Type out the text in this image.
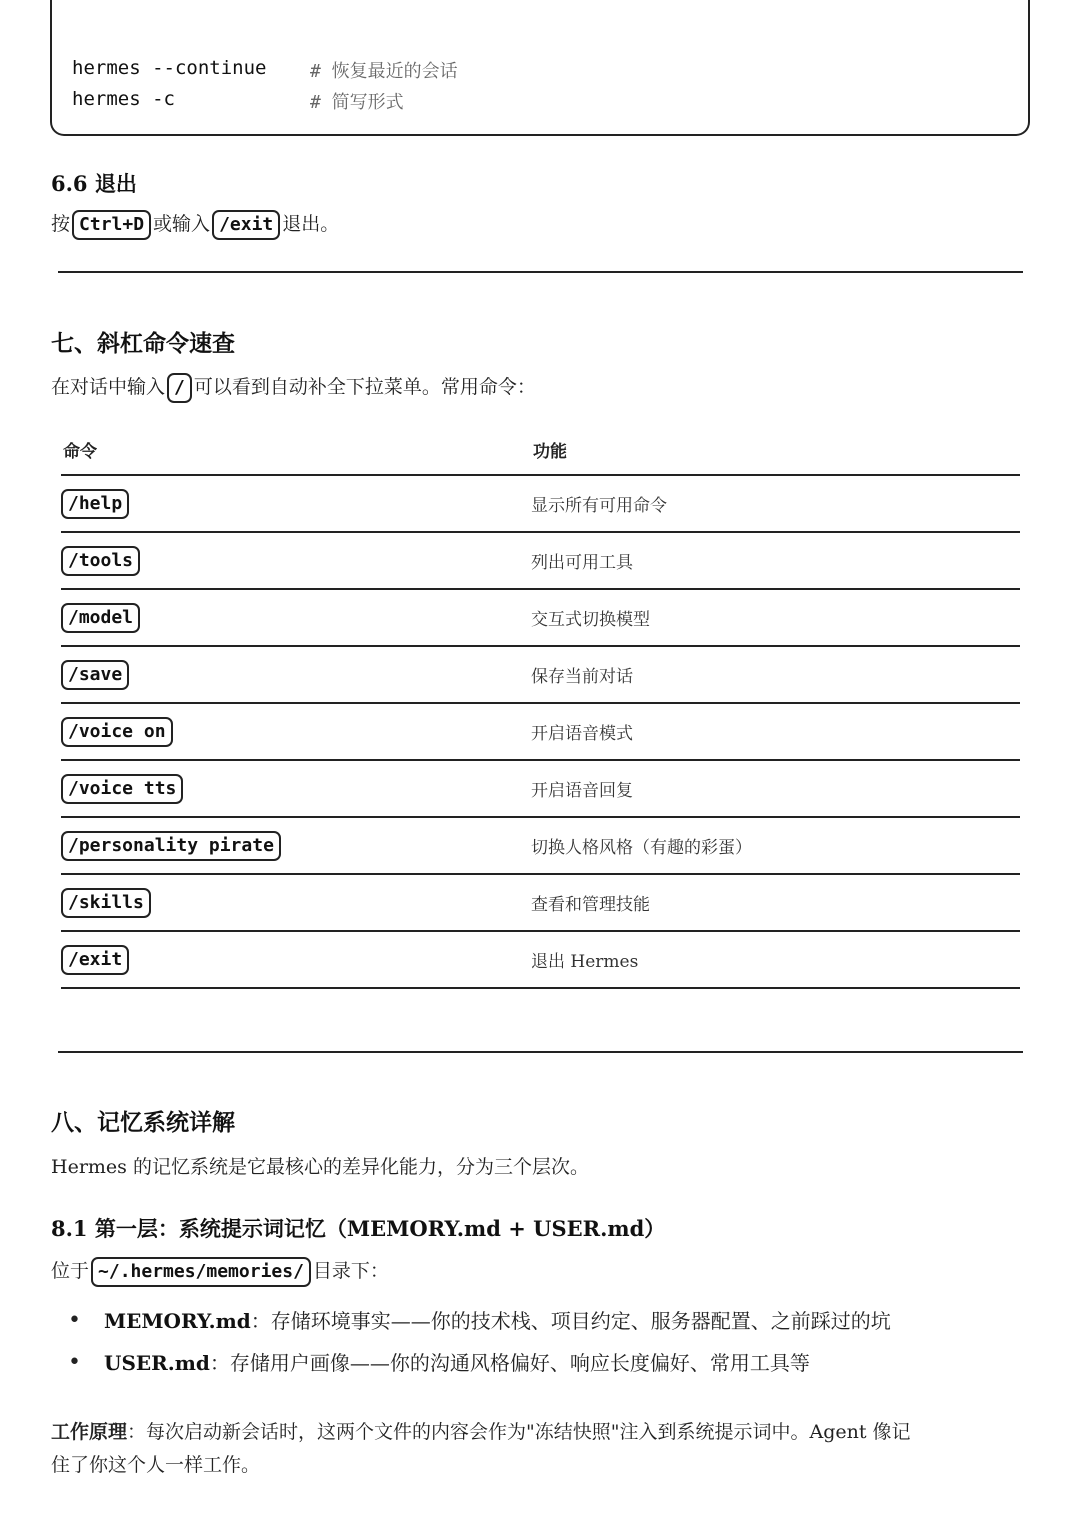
hermes --continue # 恢复最近的会话
hermes -c	# 简写形式
6.6 退出
按 Ctrl+D 或输入 /exit 退出。
七、斜杠命令速查
在对话中输入 / 可以看到自动补全下拉菜单。常用命令：
命令	功能
/help	显示所有可用命令
/tools	列出可用工具
/model	交互式切换模型
/save	保存当前对话
/voice on	开启语音模式
/voice tts	开启语音回复
/personality pirate	切换人格风格（有趣的彩蛋）
/skills	查看和管理技能
/exit	退出 Hermes
八、记忆系统详解
Hermes 的记忆系统是它最核心的差异化能力，分为三个层次。
8.1 第一层：系统提示词记忆（MEMORY.md + USER.md）
位于 ~/.hermes/memories/ 目录下：
• MEMORY.md：存储环境事实——你的技术栈、项目约定、服务器配置、之前踩过的坑
• USER.md：存储用户画像——你的沟通风格偏好、响应长度偏好、常用工具等
工作原理：每次启动新会话时，这两个文件的内容会作为"冻结快照"注入到系统提示词中。Agent 像记
住了你这个人一样工作。
